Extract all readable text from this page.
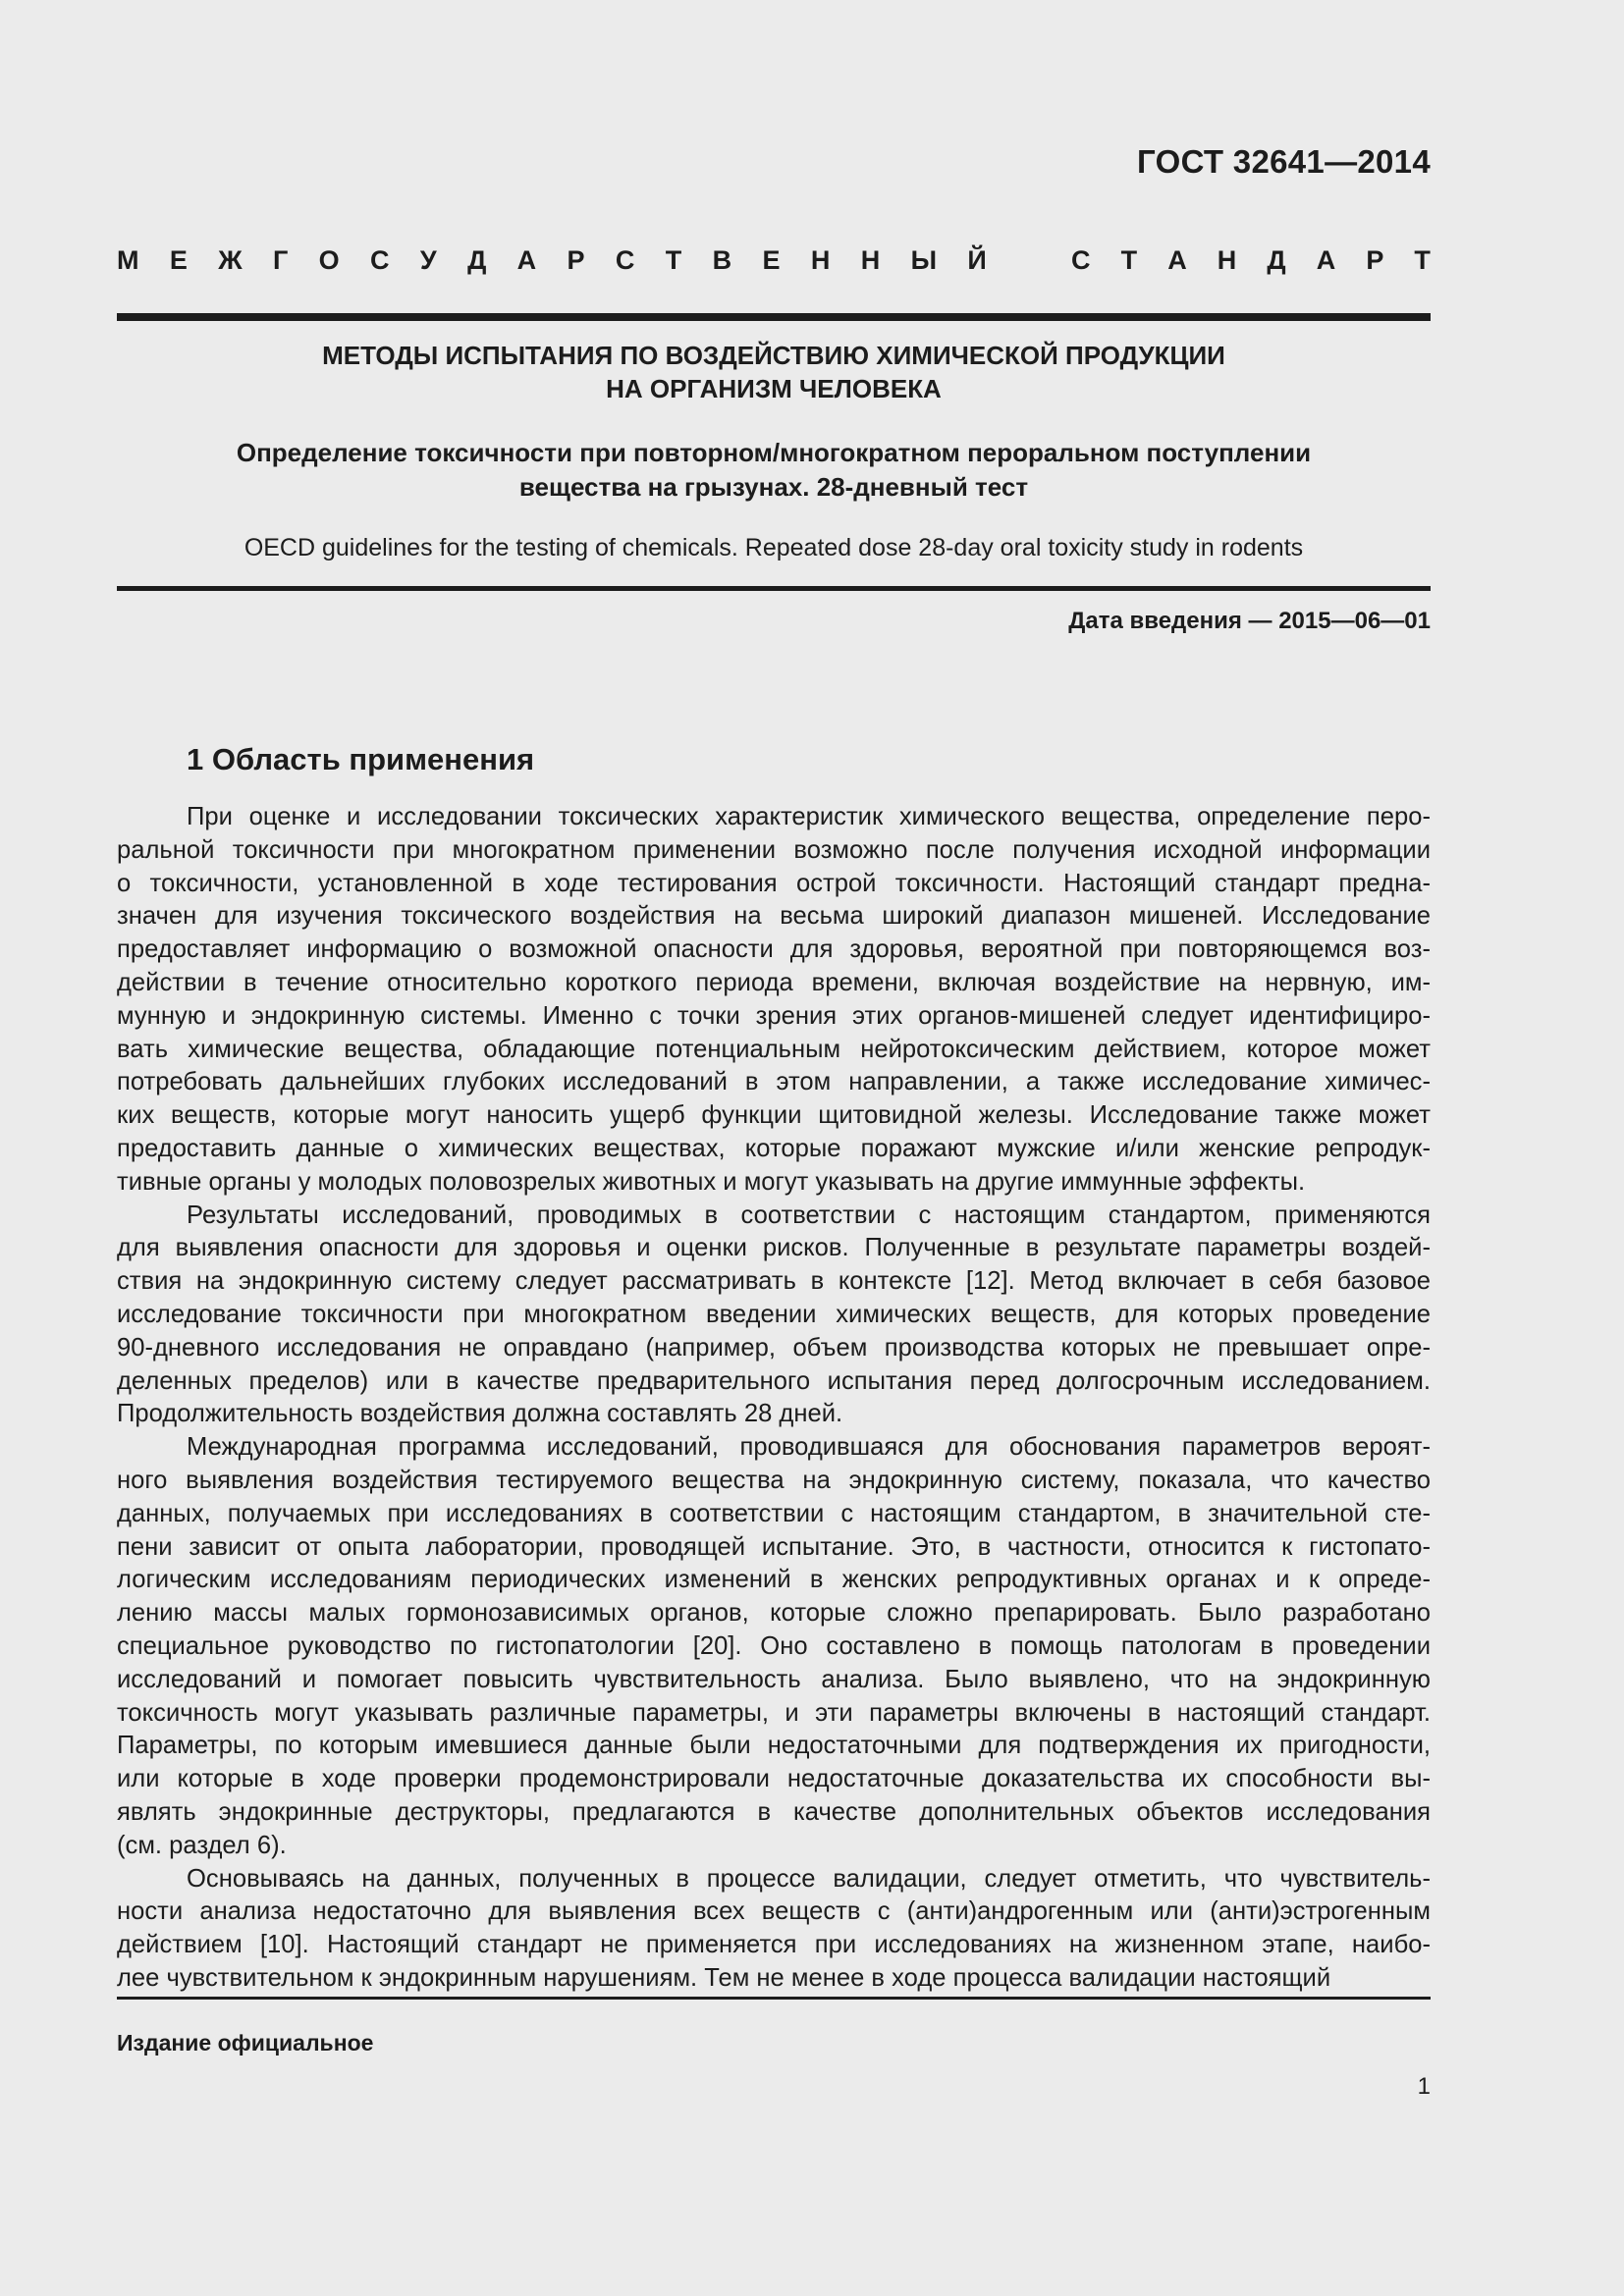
ГОСТ 32641—2014
М Е Ж Г О С У Д А Р С Т В Е Н Н Ы Й	С Т А Н Д А Р Т
МЕТОДЫ ИСПЫТАНИЯ ПО ВОЗДЕЙСТВИЮ ХИМИЧЕСКОЙ ПРОДУКЦИИ
НА ОРГАНИЗМ ЧЕЛОВЕКА
Определение токсичности при повторном/многократном пероральном поступлении
вещества на грызунах. 28-дневный тест
OECD guidelines for the testing of chemicals. Repeated dose 28-day oral toxicity study in rodents
Дата введения — 2015—06—01
1 Область применения
При оценке и исследовании токсических характеристик химического вещества, определение перо-
ральной токсичности при многократном применении возможно после получения исходной информации
о токсичности, установленной в ходе тестирования острой токсичности. Настоящий стандарт предна-
значен для изучения токсического воздействия на весьма широкий диапазон мишеней. Исследование
предоставляет информацию о возможной опасности для здоровья, вероятной при повторяющемся воз-
действии в течение относительно короткого периода времени, включая воздействие на нервную, им-
мунную и эндокринную системы. Именно с точки зрения этих органов-мишеней следует идентифициро-
вать химические вещества, обладающие потенциальным нейротоксическим действием, которое может
потребовать дальнейших глубоких исследований в этом направлении, а также исследование химичес-
ких веществ, которые могут наносить ущерб функции щитовидной железы. Исследование также может
предоставить данные о химических веществах, которые поражают мужские и/или женские репродук-
тивные органы у молодых половозрелых животных и могут указывать на другие иммунные эффекты.
Результаты исследований, проводимых в соответствии с настоящим стандартом, применяются
для выявления опасности для здоровья и оценки рисков. Полученные в результате параметры воздей-
ствия на эндокринную систему следует рассматривать в контексте [12]. Метод включает в себя базовое
исследование токсичности при многократном введении химических веществ, для которых проведение
90-дневного исследования не оправдано (например, объем производства которых не превышает опре-
деленных пределов) или в качестве предварительного испытания перед долгосрочным исследованием.
Продолжительность воздействия должна составлять 28 дней.
Международная программа исследований, проводившаяся для обоснования параметров вероят-
ного выявления воздействия тестируемого вещества на эндокринную систему, показала, что качество
данных, получаемых при исследованиях в соответствии с настоящим стандартом, в значительной сте-
пени зависит от опыта лаборатории, проводящей испытание. Это, в частности, относится к гистопато-
логическим исследованиям периодических изменений в женских репродуктивных органах и к опреде-
лению массы малых гормонозависимых органов, которые сложно препарировать. Было разработано
специальное руководство по гистопатологии [20]. Оно составлено в помощь патологам в проведении
исследований и помогает повысить чувствительность анализа. Было выявлено, что на эндокринную
токсичность могут указывать различные параметры, и эти параметры включены в настоящий стандарт.
Параметры, по которым имевшиеся данные были недостаточными для подтверждения их пригодности,
или которые в ходе проверки продемонстрировали недостаточные доказательства их способности вы-
являть эндокринные деструкторы, предлагаются в качестве дополнительных объектов исследования
(см. раздел 6).
Основываясь на данных, полученных в процессе валидации, следует отметить, что чувствитель-
ности анализа недостаточно для выявления всех веществ с (анти)андрогенным или (анти)эстрогенным
действием [10]. Настоящий стандарт не применяется при исследованиях на жизненном этапе, наибо-
лее чувствительном к эндокринным нарушениям. Тем не менее в ходе процесса валидации настоящий
Издание официальное
1
